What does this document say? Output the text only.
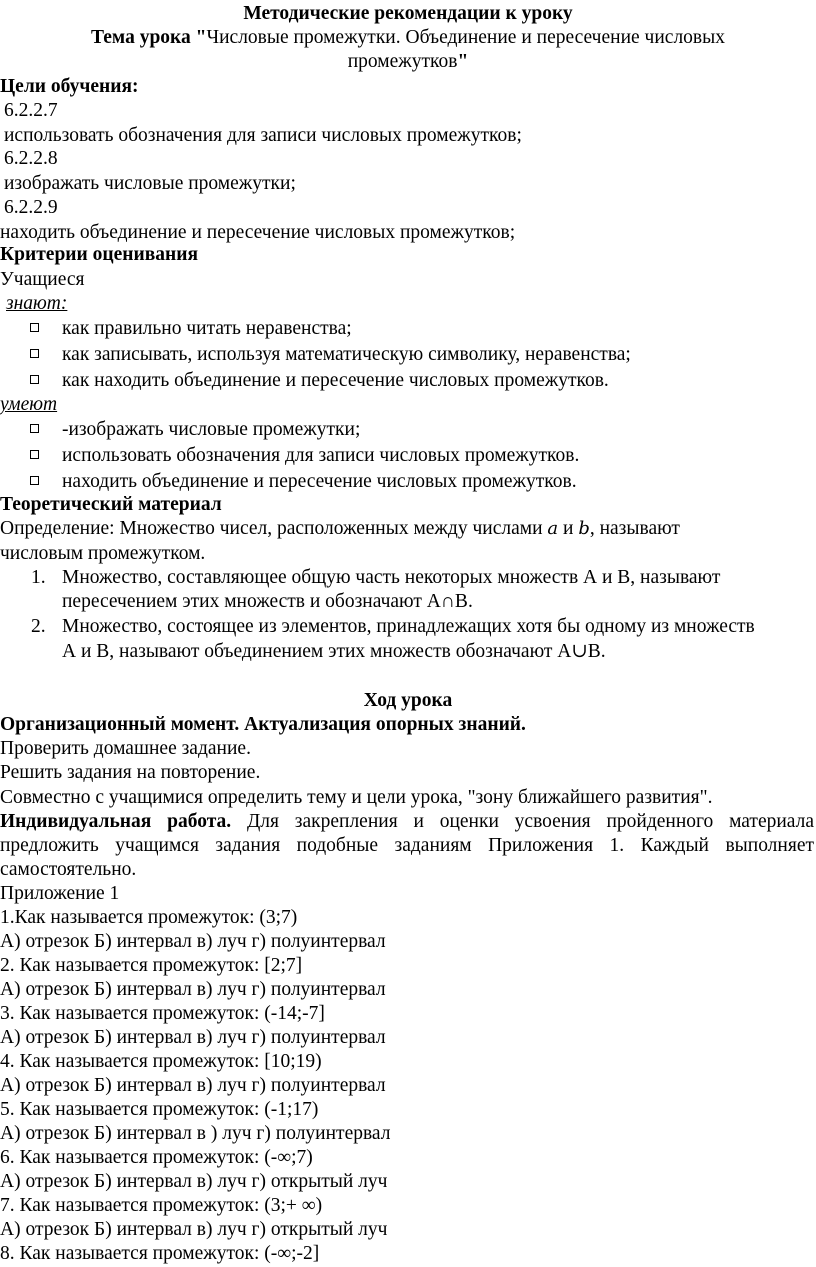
Методические рекомендации к уроку
Тема урока "Числовые промежутки. Объединение и пересечение числовых
промежутков"
Цели обучения:
6.2.2.7
использовать обозначения для записи числовых промежутков;
6.2.2.8
изображать числовые промежутки;
6.2.2.9
находить объединение и пересечение числовых промежутков;
Критерии оценивания
Учащиеся
знают:
как правильно читать неравенства;
как записывать, используя математическую символику, неравенства;
как находить объединение и пересечение числовых промежутков.
умеют
-изображать числовые промежутки;
использовать обозначения для записи числовых промежутков.
находить объединение и пересечение числовых промежутков.
Теоретический материал
Определение: Множество чисел, расположенных между числами a и b, называют
числовым промежутком.
1. Множество, составляющее общую часть некоторых множеств А и В, называют
пересечением этих множеств и обозначают А∩В.
2. Множество, состоящее из элементов, принадлежащих хотя бы одному из множеств
А и В, называют объединением этих множеств обозначают А∪В.
Ход урока
Организационный момент. Актуализация опорных знаний.
Проверить домашнее задание.
Решить задания на повторение.
Совместно с учащимися определить тему и цели урока, "зону ближайшего развития".
Индивидуальная работа. Для закрепления и оценки усвоения пройденного материала
предложить учащимся задания подобные заданиям Приложения 1. Каждый выполняет
самостоятельно.
Приложение 1
1.Как называется промежуток: (3;7)
А) отрезок Б) интервал в) луч г) полуинтервал
2. Как называется промежуток: [2;7]
А) отрезок Б) интервал в) луч г) полуинтервал
3. Как называется промежуток: (-14;-7]
А) отрезок Б) интервал в) луч г) полуинтервал
4. Как называется промежуток: [10;19)
А) отрезок Б) интервал в) луч г) полуинтервал
5. Как называется промежуток: (-1;17)
А) отрезок Б) интервал в ) луч г) полуинтервал
6. Как называется промежуток: (-∞;7)
А) отрезок Б) интервал в) луч г) открытый луч
7. Как называется промежуток: (3;+ ∞)
А) отрезок Б) интервал в) луч г) открытый луч
8. Как называется промежуток: (-∞;-2]
